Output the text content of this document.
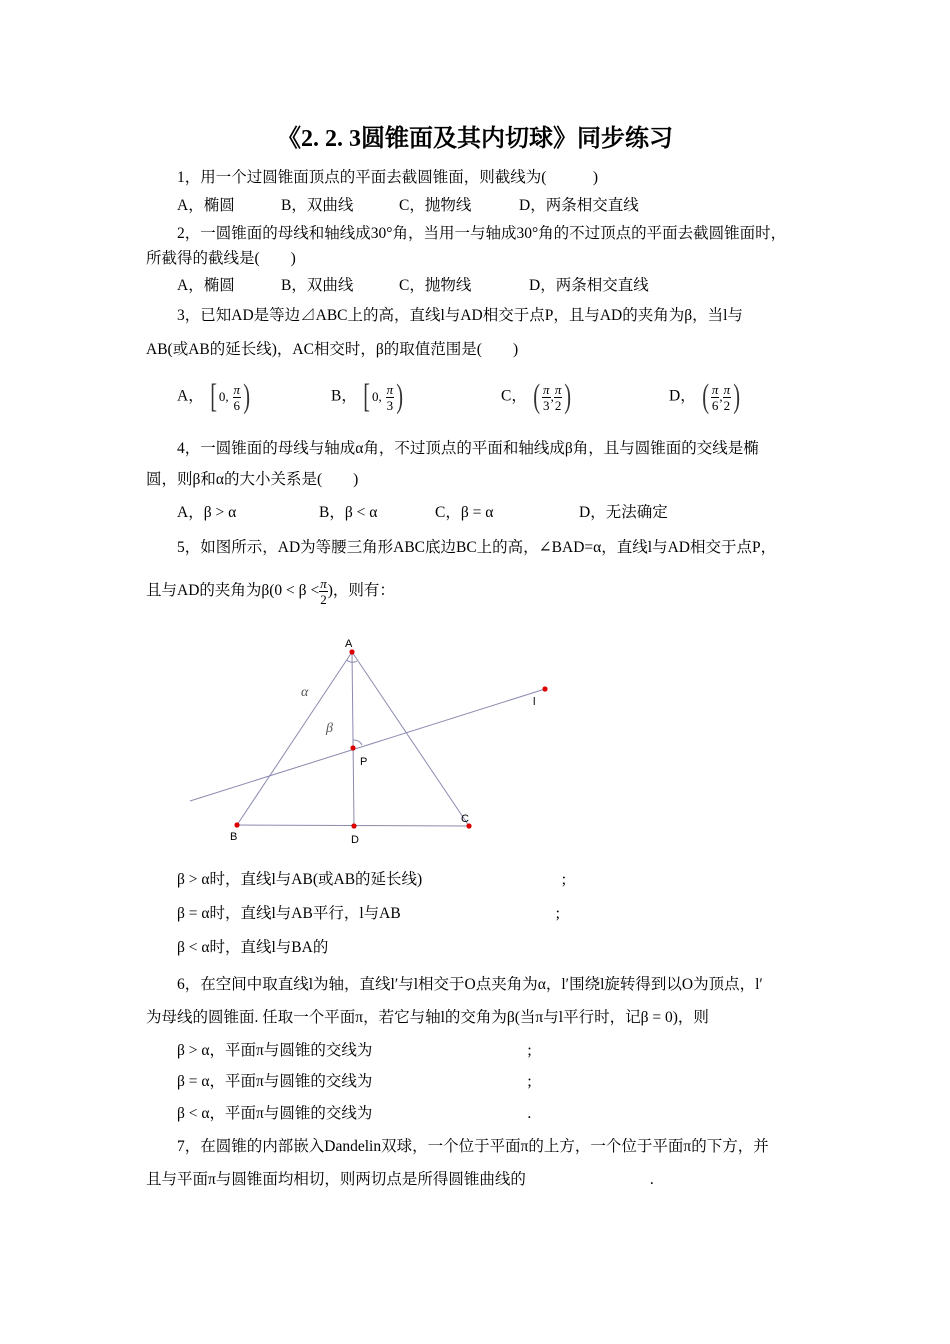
《2. 2. 3圆锥面及其内切球》同步练习
1，用一个过圆锥面顶点的平面去截圆锥面，则截线为(　　　)
A，椭圆	B，双曲线	C，抛物线	D，两条相交直线
2，一圆锥面的母线和轴线成30°角，当用一与轴成30°角的不过顶点的平面去截圆锥面时，
所截得的截线是(　　)
A，椭圆	B，双曲线	C，抛物线	D，两条相交直线
3，已知AD是等边⊿ABC上的高，直线l与AD相交于点P，且与AD的夹角为β，当l与
AB(或AB的延长线)，AC相交时，β的取值范围是(　　)
A， [ 0, $\frac{\pi}{6}$ )	B， [ 0, $\frac{\pi}{3}$ )	C， ( $\frac{\pi}{3}$ , $\frac{\pi}{2}$ )	D， ( $\frac{\pi}{6}$ , $\frac{\pi}{2}$ )
4，一圆锥面的母线与轴成α角，不过顶点的平面和轴线成β角，且与圆锥面的交线是椭
圆，则β和α的大小关系是(　　)
A，β > α	B，β < α	C，β = α	D，无法确定
5，如图所示，AD为等腰三角形ABC底边BC上的高，∠BAD=α，直线l与AD相交于点P，
且与AD的夹角为$\beta(0 < \beta < \frac{\pi}{2}$ )，则有：
A
B
C
D
P
l
α
β
β > α时，直线l与AB(或AB的延长线)　　　　　　　　　;
β = α时，直线l与AB平行，l与AB　　　　　　　　　　;
β < α时，直线l与BA的
6，在空间中取直线l为轴，直线l′与l相交于O点夹角为α，l′围绕l旋转得到以O为顶点，l′
为母线的圆锥面. 任取一个平面π，若它与轴l的交角为β(当π与l平行时，记β = 0)，则
β > α，平面π与圆锥的交线为　　　　　　　　　　;
β = α，平面π与圆锥的交线为　　　　　　　　　　;
β < α，平面π与圆锥的交线为　　　　　　　　　　.
7，在圆锥的内部嵌入Dandelin双球，一个位于平面π的上方，一个位于平面π的下方，并
且与平面π与圆锥面均相切，则两切点是所得圆锥曲线的　　　　　　　　.
